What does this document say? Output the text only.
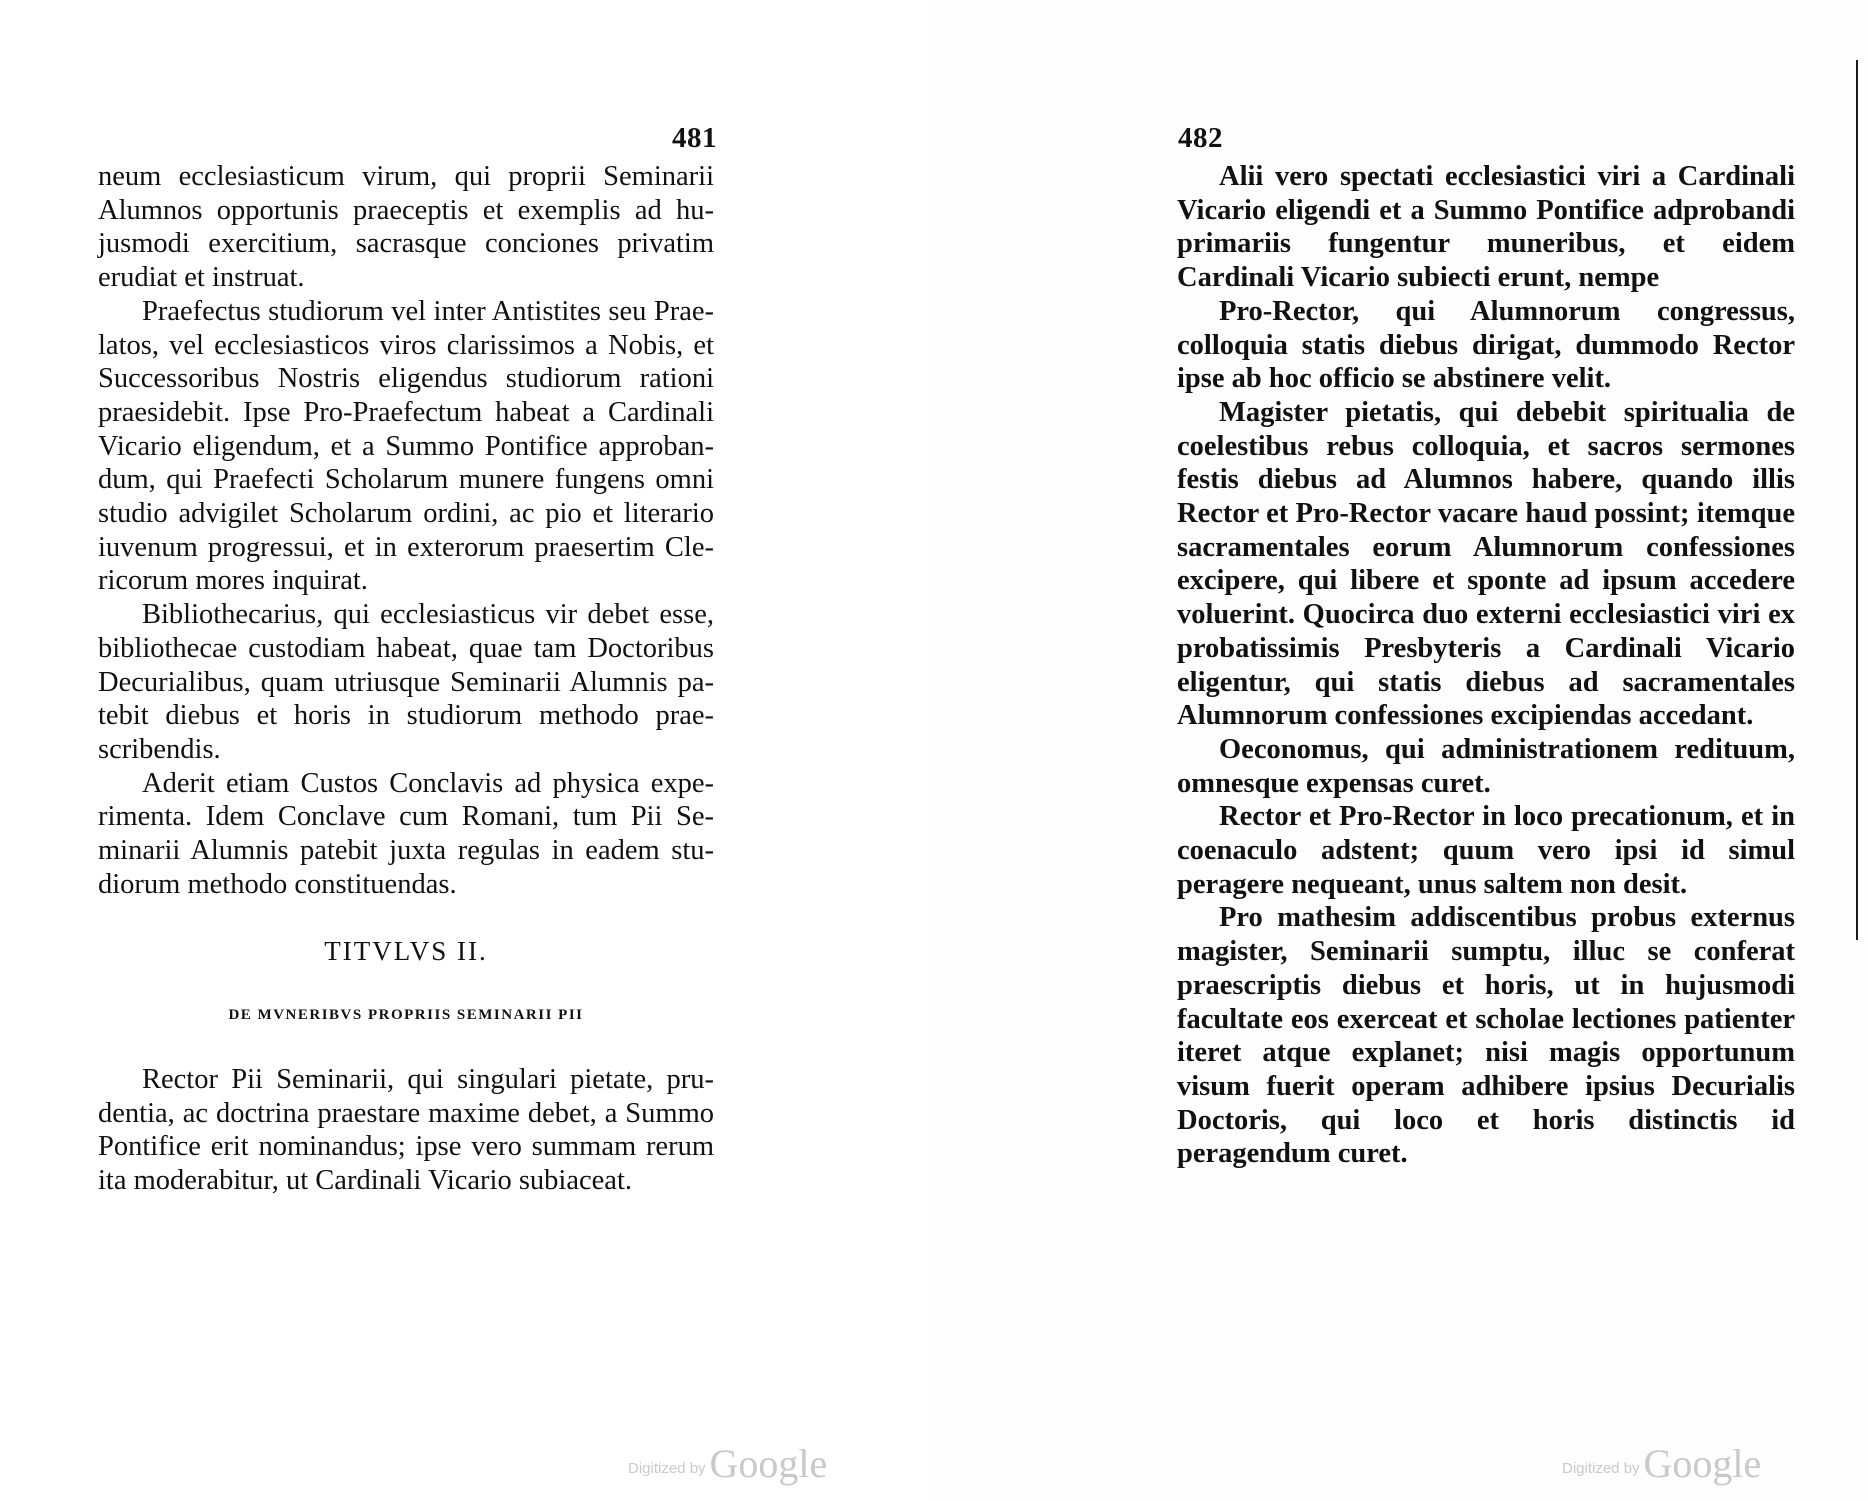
481

neum ecclesiasticum virum, qui proprii Seminarii Alumnos opportunis praeceptis et exemplis ad hujusmodi exercitium, sacrasque conciones privatim erudiat et instruat.

Praefectus studiorum vel inter Antistites seu Praelatos, vel ecclesiasticos viros clarissimos a Nobis, et Successoribus Nostris eligendus studiorum rationi praesidebit. Ipse Pro-Praefectum habeat a Cardinali Vicario eligendum, et a Summo Pontifice approbandum, qui Praefecti Scholarum munere fungens omni studio advigilet Scholarum ordini, ac pio et literario iuvenum progressui, et in exterorum praesertim Clericorum mores inquirat.

Bibliothecarius, qui ecclesiasticus vir debet esse, bibliothecae custodiam habeat, quae tam Doctoribus Decurialibus, quam utriusque Seminarii Alumnis patebit diebus et horis in studiorum methodo praescribendis.

Aderit etiam Custos Conclavis ad physica experimenta. Idem Conclave cum Romani, tum Pii Seminarii Alumnis patebit juxta regulas in eadem studiorum methodo constituendas.

TITVLVS II.

DE MVNERIBVS PROPRIIS SEMINARII PII

Rector Pii Seminarii, qui singulari pietate, prudentia, ac doctrina praestare maxime debet, a Summo Pontifice erit nominandus; ipse vero summam rerum ita moderabitur, ut Cardinali Vicario subiaceat.

Digitized by Google
482

Alii vero spectati ecclesiastici viri a Cardinali Vicario eligendi et a Summo Pontifice adprobandi primariis fungentur muneribus, et eidem Cardinali Vicario subiecti erunt, nempe

Pro-Rector, qui Alumnorum congressus, colloquia statis diebus dirigat, dummodo Rector ipse ab hoc officio se abstinere velit.

Magister pietatis, qui debebit spiritualia de coelestibus rebus colloquia, et sacros sermones festis diebus ad Alumnos habere, quando illis Rector et Pro-Rector vacare haud possint; itemque sacramentales eorum Alumnorum confessiones excipere, qui libere et sponte ad ipsum accedere voluerint. Quocirca duo externi ecclesiastici viri ex probatissimis Presbyteris a Cardinali Vicario eligentur, qui statis diebus ad sacramentales Alumnorum confessiones excipiendas accedant.

Oeconomus, qui administrationem redituum, omnesque expensas curet.

Rector et Pro-Rector in loco precationum, et in coenaculo adstent; quum vero ipsi id simul peragere nequeant, unus saltem non desit.

Pro mathesim addiscentibus probus externus magister, Seminarii sumptu, illuc se conferat praescriptis diebus et horis, ut in hujusmodi facultate eos exerceat et scholae lectiones patienter iteret atque explanet; nisi magis opportunum visum fuerit operam adhibere ipsius Decurialis Doctoris, qui loco et horis distinctis id peragendum curet.

Digitized by Google
